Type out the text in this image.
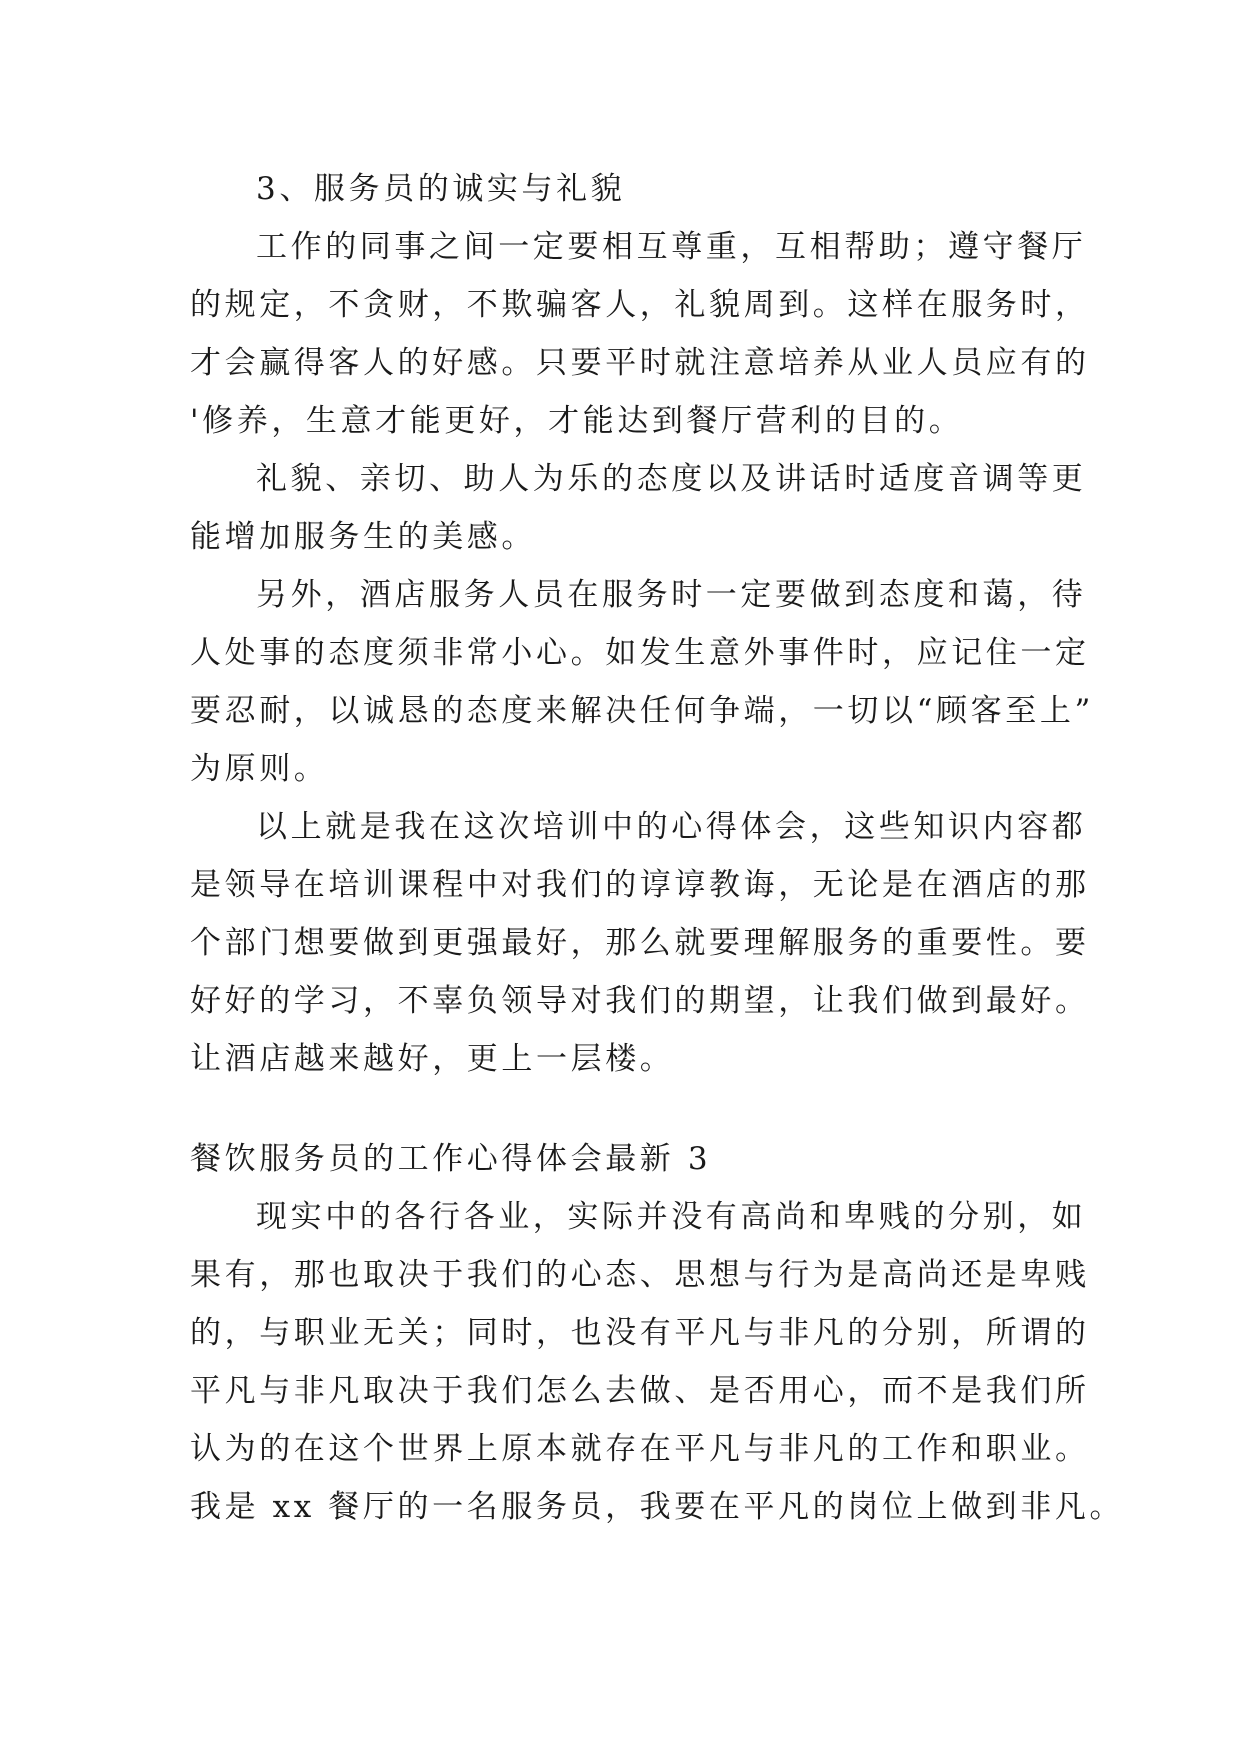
3、服务员的诚实与礼貌
工作的同事之间一定要相互尊重，互相帮助；遵守餐厅
的规定，不贪财，不欺骗客人，礼貌周到。这样在服务时，
才会赢得客人的好感。只要平时就注意培养从业人员应有的
'修养，生意才能更好，才能达到餐厅营利的目的。
礼貌、亲切、助人为乐的态度以及讲话时适度音调等更
能增加服务生的美感。
另外，酒店服务人员在服务时一定要做到态度和蔼，待
人处事的态度须非常小心。如发生意外事件时，应记住一定
要忍耐，以诚恳的态度来解决任何争端，一切以“顾客至上”
为原则。
以上就是我在这次培训中的心得体会，这些知识内容都
是领导在培训课程中对我们的谆谆教诲，无论是在酒店的那
个部门想要做到更强最好，那么就要理解服务的重要性。要
好好的学习，不辜负领导对我们的期望，让我们做到最好。
让酒店越来越好，更上一层楼。
餐饮服务员的工作心得体会最新 3
现实中的各行各业，实际并没有高尚和卑贱的分别，如
果有，那也取决于我们的心态、思想与行为是高尚还是卑贱
的，与职业无关；同时，也没有平凡与非凡的分别，所谓的
平凡与非凡取决于我们怎么去做、是否用心，而不是我们所
认为的在这个世界上原本就存在平凡与非凡的工作和职业。
我是 xx 餐厅的一名服务员，我要在平凡的岗位上做到非凡。
